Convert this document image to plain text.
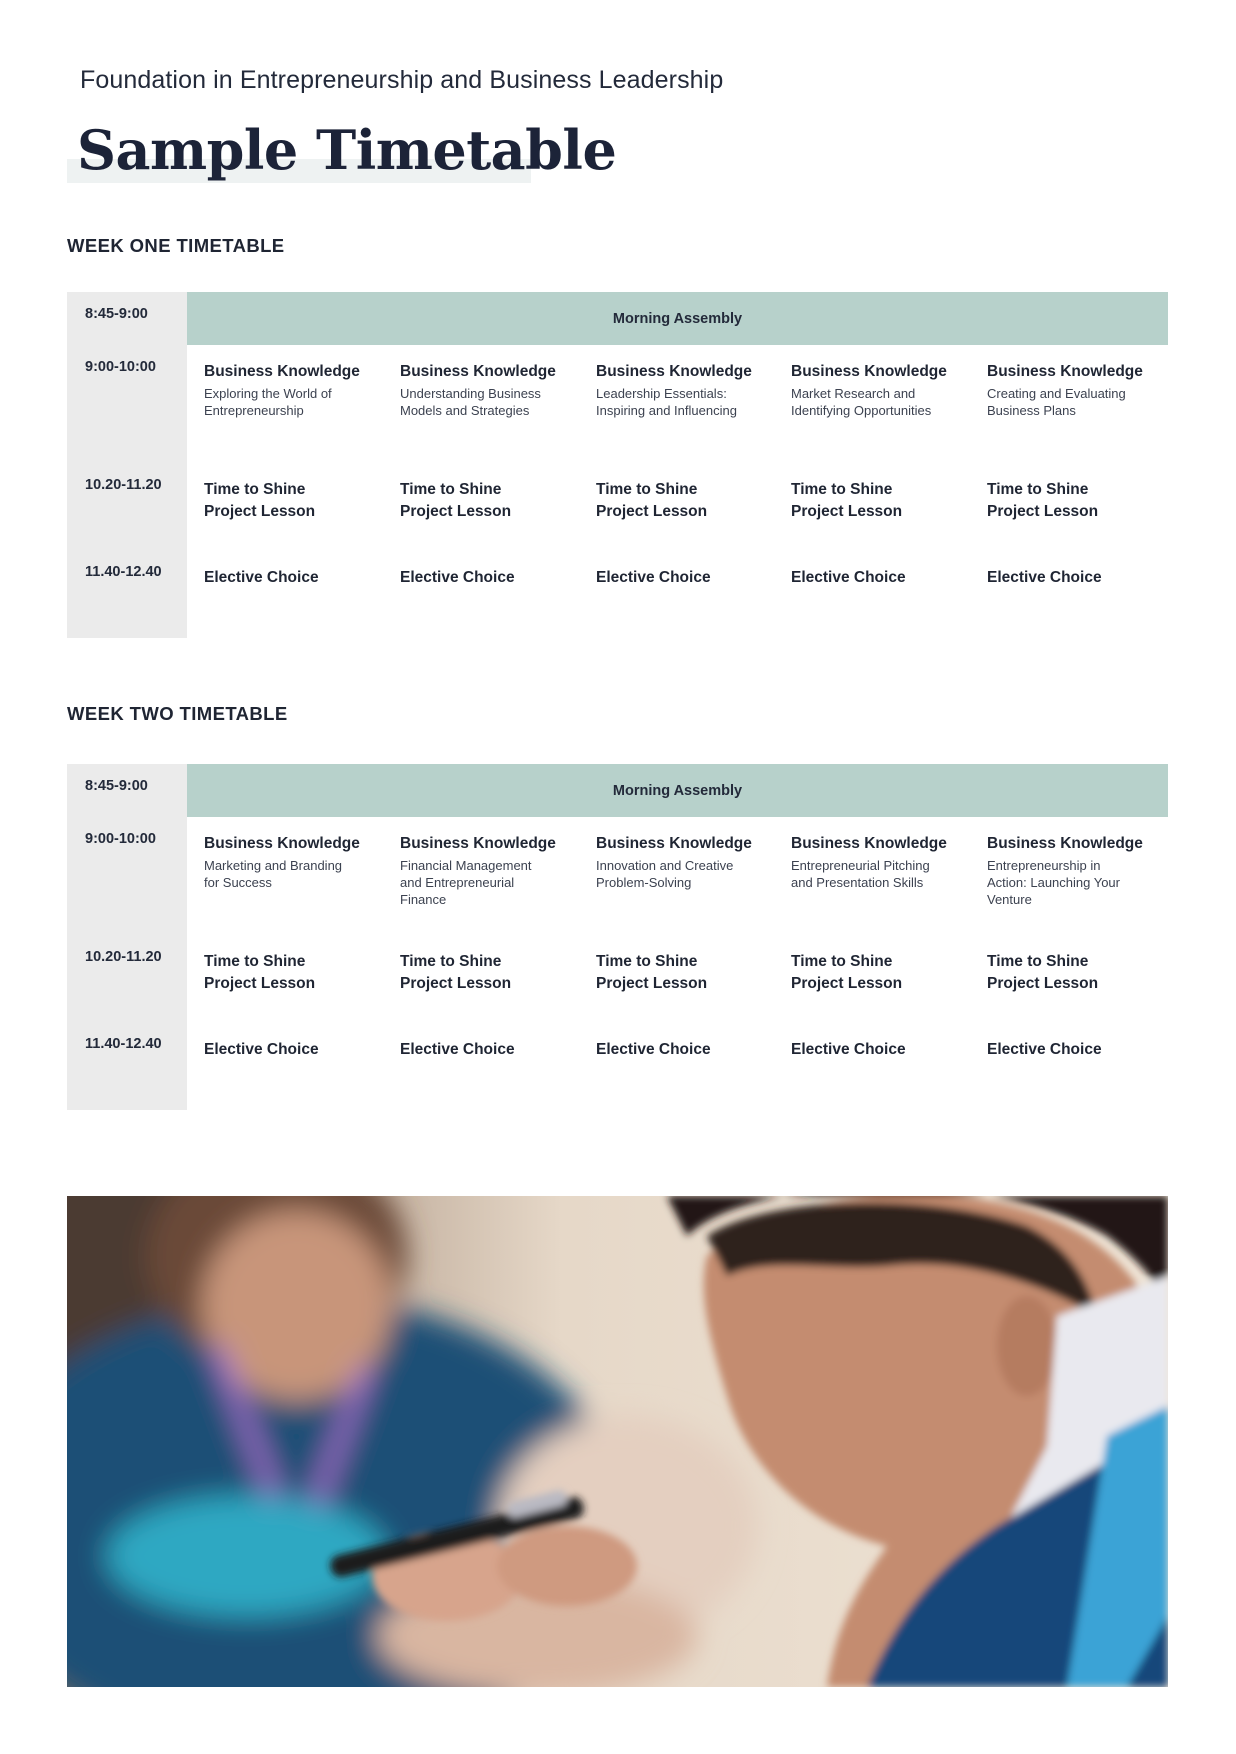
Foundation in Entrepreneurship and Business Leadership
Sample Timetable
WEEK ONE TIMETABLE
8:45-9:00	Morning Assembly
9:00-10:00
10.20-11.20
11.40-12.40
Business Knowledge
Exploring the World of
Entrepreneurship
Time to Shine
Project Lesson
Elective Choice
Business Knowledge
Understanding Business
Models and Strategies
Time to Shine
Project Lesson
Elective Choice
Business Knowledge
Leadership Essentials:
Inspiring and Influencing
Time to Shine
Project Lesson
Elective Choice
Business Knowledge
Market Research and
Identifying Opportunities
Time to Shine
Project Lesson
Elective Choice
Business Knowledge
Creating and Evaluating
Business Plans
Time to Shine
Project Lesson
Elective Choice
WEEK TWO TIMETABLE
8:45-9:00	Morning Assembly
9:00-10:00
10.20-11.20
11.40-12.40
Business Knowledge
Marketing and Branding
for Success
Time to Shine
Project Lesson
Elective Choice
Business Knowledge
Financial Management
and Entrepreneurial
Finance
Time to Shine
Project Lesson
Elective Choice
Business Knowledge
Innovation and Creative
Problem-Solving
Time to Shine
Project Lesson
Elective Choice
Business Knowledge
Entrepreneurial Pitching
and Presentation Skills
Time to Shine
Project Lesson
Elective Choice
Business Knowledge
Entrepreneurship in
Action: Launching Your
Venture
Time to Shine
Project Lesson
Elective Choice
